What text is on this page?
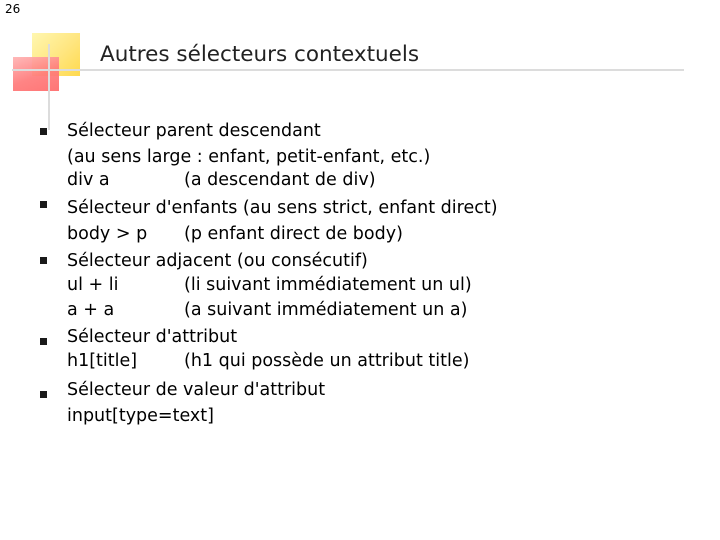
26
Autres sélecteurs contextuels
Sélecteur parent descendant
(au sens large : enfant, petit-enfant, etc.)
div a	(a descendant de div)
Sélecteur d'enfants (au sens strict, enfant direct)
body > p (p enfant direct de body)
Sélecteur adjacent (ou consécutif)
ul + li	(li suivant immédiatement un ul)
a + a	(a suivant immédiatement un a)
Sélecteur d'attribut
h1[title]	(h1 qui possède un attribut title)
Sélecteur de valeur d'attribut
input[type=text]
